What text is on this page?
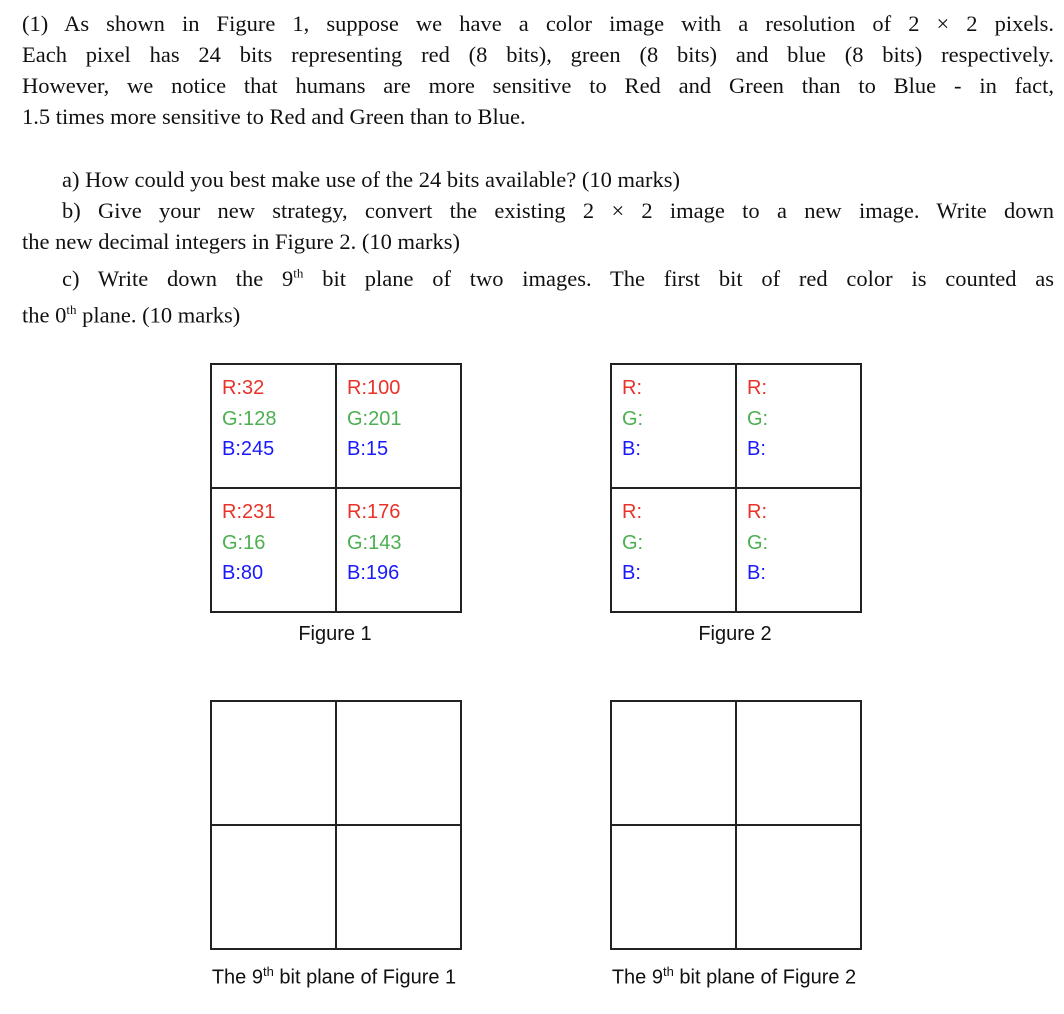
(1) As shown in Figure 1, suppose we have a color image with a resolution of 2 × 2 pixels.
Each pixel has 24 bits representing red (8 bits), green (8 bits) and blue (8 bits) respectively.
However, we notice that humans are more sensitive to Red and Green than to Blue - in fact,
1.5 times more sensitive to Red and Green than to Blue.
a) How could you best make use of the 24 bits available? (10 marks)
b) Give your new strategy, convert the existing 2 × 2 image to a new image. Write down
the new decimal integers in Figure 2. (10 marks)
c) Write down the 9th bit plane of two images. The first bit of red color is counted as
the 0th plane. (10 marks)
R:32
G:128
B:245
R:100
G:201
B:15
R:231
G:16
B:80
R:176
G:143
B:196
Figure 1
R:
G:
B:
R:
G:
B:
R:
G:
B:
R:
G:
B:
Figure 2
The 9th bit plane of Figure 1	The 9th bit plane of Figure 2
